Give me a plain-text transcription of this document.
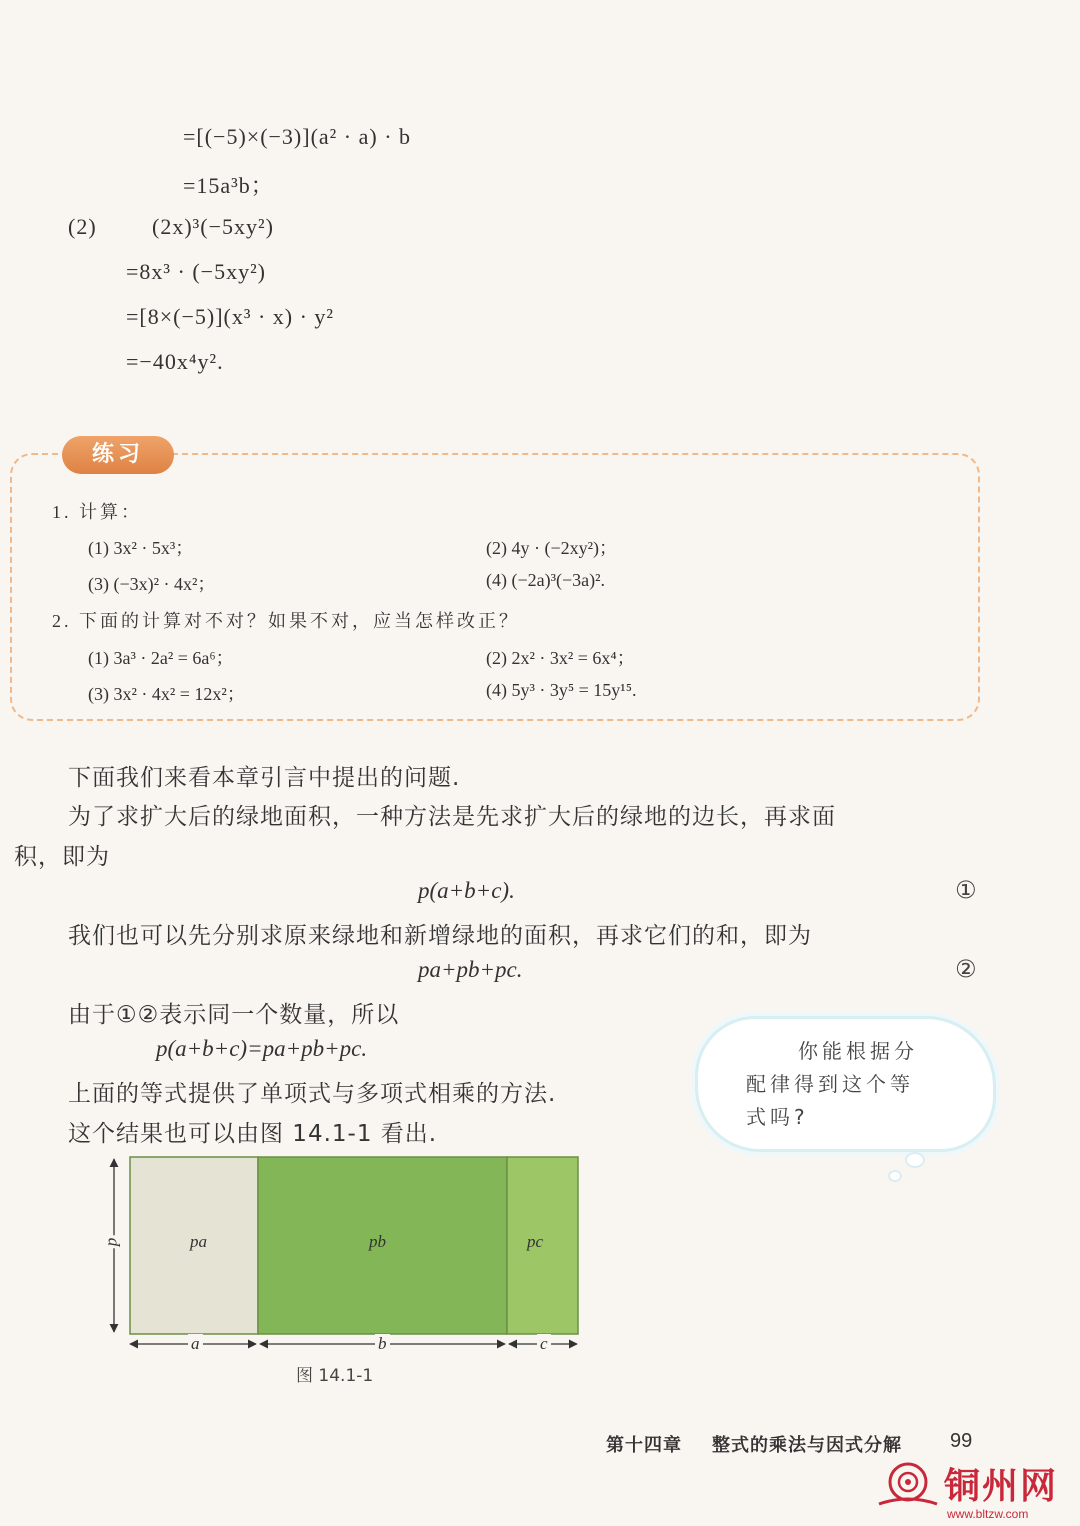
=[(−5)×(−3)](a² · a) · b
=15a³b；
(2)	(2x)³(−5xy²)
=8x³ · (−5xy²)
=[8×(−5)](x³ · x) · y²
=−40x⁴y².
练习
1. 计算：
(1) 3x² · 5x³；	(2) 4y · (−2xy²)；
(3) (−3x)² · 4x²；	(4) (−2a)³(−3a)².
2. 下面的计算对不对？如果不对，应当怎样改正？
(1) 3a³ · 2a² = 6a⁶；	(2) 2x² · 3x² = 6x⁴；
(3) 3x² · 4x² = 12x²；	(4) 5y³ · 3y⁵ = 15y¹⁵.
下面我们来看本章引言中提出的问题.
为了求扩大后的绿地面积，一种方法是先求扩大后的绿地的边长，再求面
积，即为
p(a+b+c).	①
我们也可以先分别求原来绿地和新增绿地的面积，再求它们的和，即为
pa+pb+pc.	②
由于①②表示同一个数量，所以
p(a+b+c)=pa+pb+pc.
上面的等式提供了单项式与多项式相乘的方法.
这个结果也可以由图 14.1-1 看出.
你能根据分
配律得到这个等
式吗?
pa	pb	pc
p
a	b	c
图 14.1-1
第十四章 整式的乘法与因式分解 99
铜州网
www.bltzw.com
